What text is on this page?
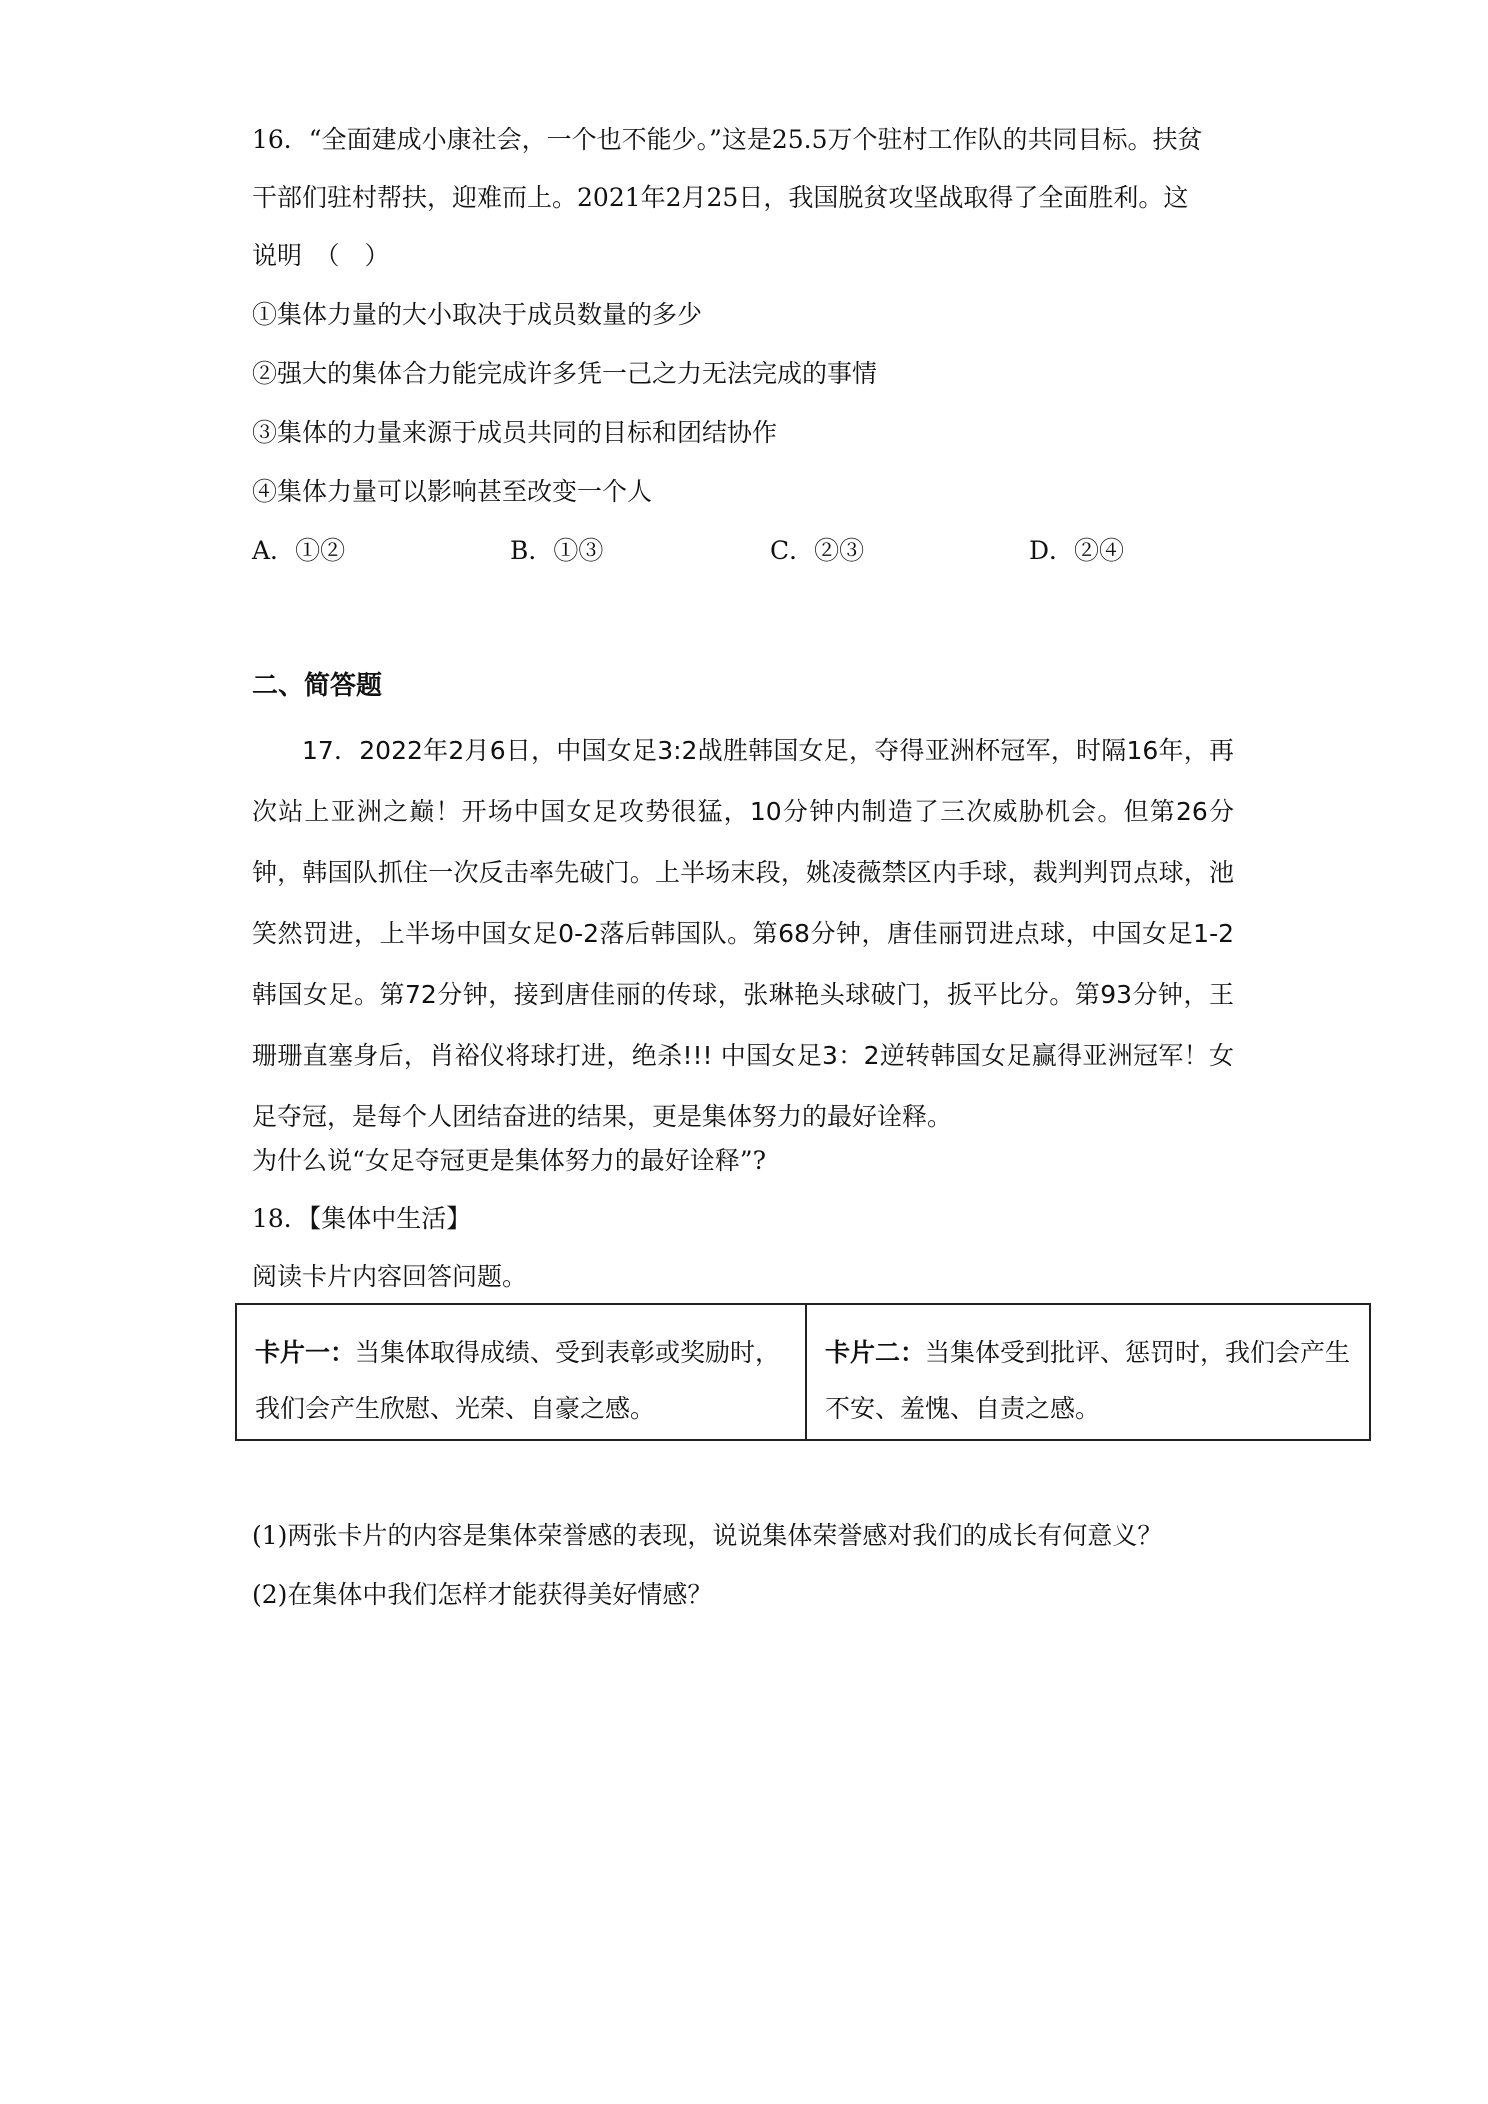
16．“全面建成小康社会，一个也不能少。”这是25.5万个驻村工作队的共同目标。扶贫
干部们驻村帮扶，迎难而上。2021年2月25日，我国脱贫攻坚战取得了全面胜利。这
说明　（　）
①集体力量的大小取决于成员数量的多少
②强大的集体合力能完成许多凭一己之力无法完成的事情
③集体的力量来源于成员共同的目标和团结协作
④集体力量可以影响甚至改变一个人
A．①②	B．①③	C．②③	D．②④
二、简答题
17．2022年2月6日，中国女足3:2战胜韩国女足，夺得亚洲杯冠军，时隔16年，再次站上亚洲之巅！开场中国女足攻势很猛，10分钟内制造了三次威胁机会。但第26分钟，韩国队抓住一次反击率先破门。上半场末段，姚凌薇禁区内手球，裁判判罚点球，池笑然罚进，上半场中国女足0-2落后韩国队。第68分钟，唐佳丽罚进点球，中国女足1-2韩国女足。第72分钟，接到唐佳丽的传球，张琳艳头球破门，扳平比分。第93分钟，王珊珊直塞身后，肖裕仪将球打进，绝杀!!! 中国女足3：2逆转韩国女足赢得亚洲冠军！女足夺冠，是每个人团结奋进的结果，更是集体努力的最好诠释。
为什么说“女足夺冠更是集体努力的最好诠释”?
18．【集体中生活】
阅读卡片内容回答问题。
卡片一：当集体取得成绩、受到表彰或奖励时，我们会产生欣慰、光荣、自豪之感。
卡片二：当集体受到批评、惩罚时，我们会产生不安、羞愧、自责之感。
(1)两张卡片的内容是集体荣誉感的表现，说说集体荣誉感对我们的成长有何意义？
(2)在集体中我们怎样才能获得美好情感？
